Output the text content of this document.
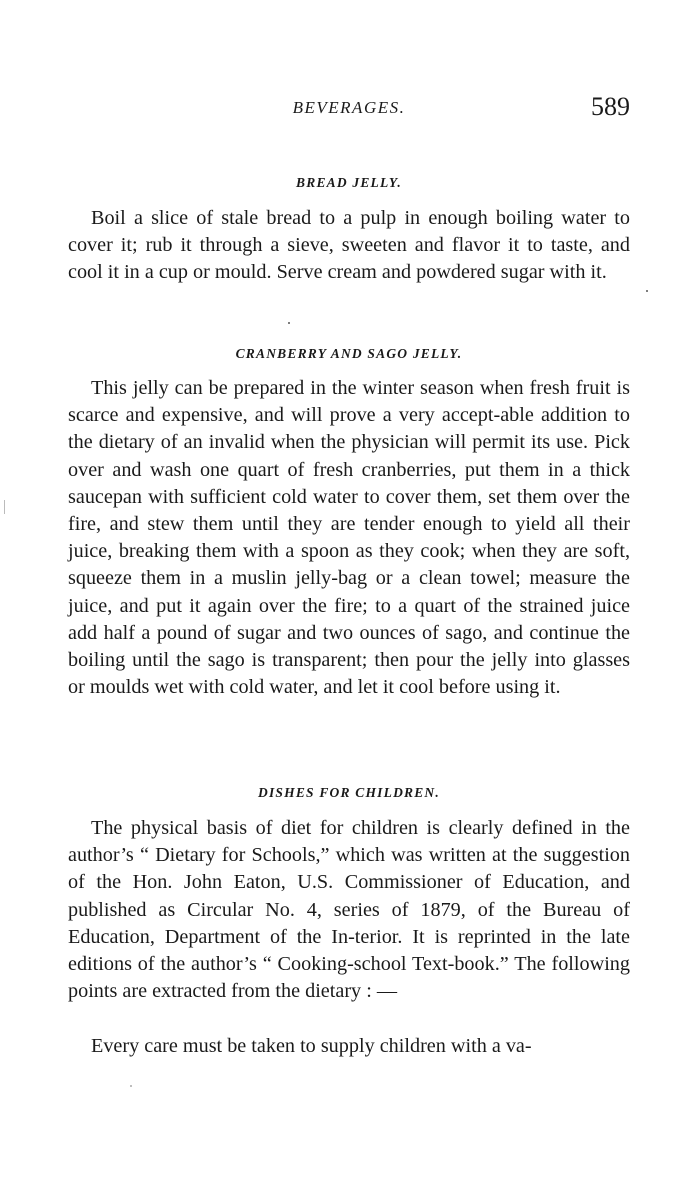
BEVERAGES.	589
BREAD JELLY.

Boil a slice of stale bread to a pulp in enough boiling water to cover it; rub it through a sieve, sweeten and flavor it to taste, and cool it in a cup or mould. Serve cream and powdered sugar with it.

CRANBERRY AND SAGO JELLY.

This jelly can be prepared in the winter season when fresh fruit is scarce and expensive, and will prove a very accept-able addition to the dietary of an invalid when the physician will permit its use. Pick over and wash one quart of fresh cranberries, put them in a thick saucepan with sufficient cold water to cover them, set them over the fire, and stew them until they are tender enough to yield all their juice, breaking them with a spoon as they cook; when they are soft, squeeze them in a muslin jelly-bag or a clean towel; measure the juice, and put it again over the fire; to a quart of the strained juice add half a pound of sugar and two ounces of sago, and continue the boiling until the sago is transparent; then pour the jelly into glasses or moulds wet with cold water, and let it cool before using it.

DISHES FOR CHILDREN.

The physical basis of diet for children is clearly defined in the author’s “ Dietary for Schools,” which was written at the suggestion of the Hon. John Eaton, U.S. Commissioner of Education, and published as Circular No. 4, series of 1879, of the Bureau of Education, Department of the In-terior. It is reprinted in the late editions of the author’s “ Cooking-school Text-book.” The following points are extracted from the dietary : —

Every care must be taken to supply children with a va-
